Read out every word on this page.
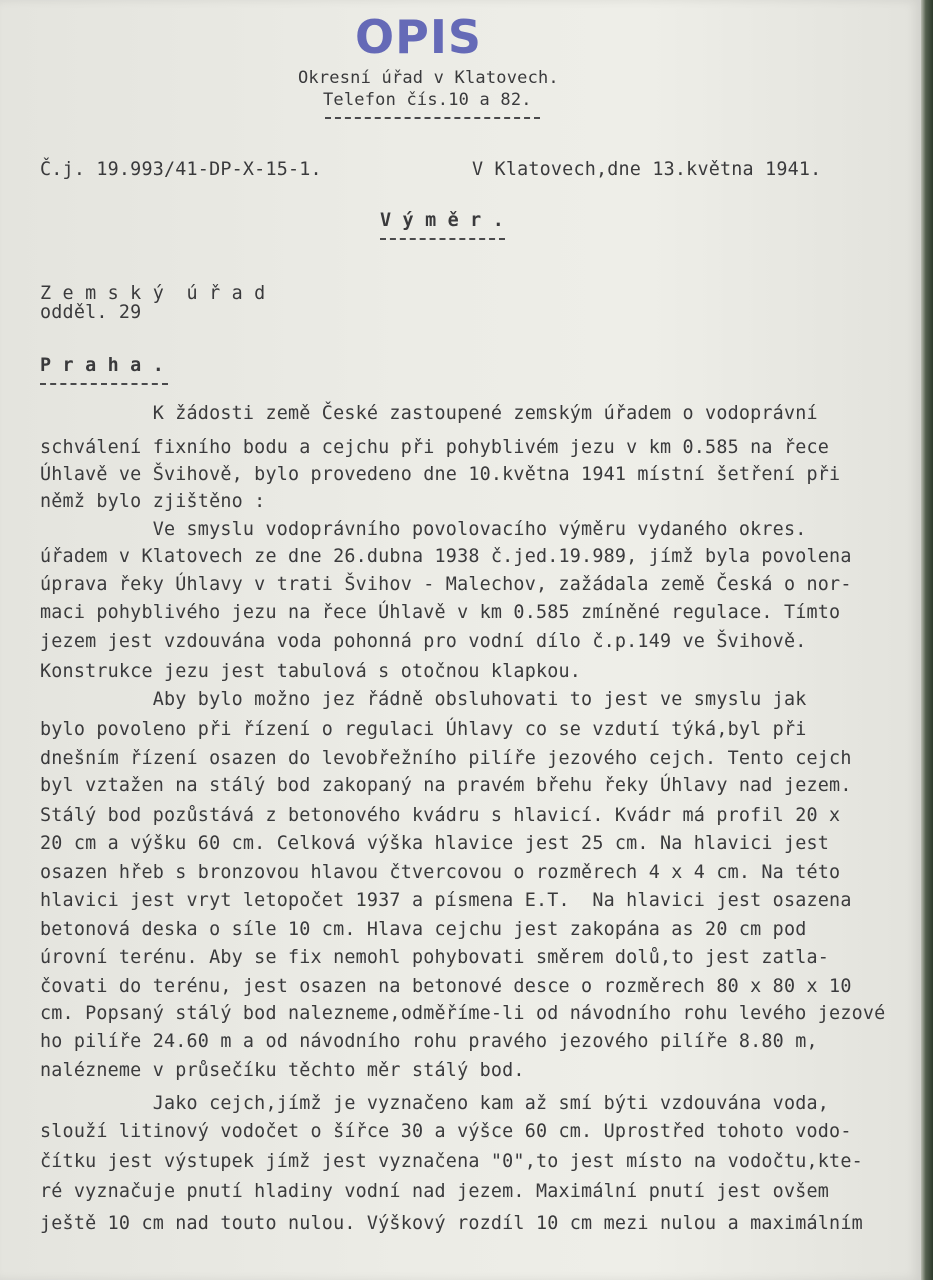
OPIS
Okresní úřad v Klatovech.
Telefon čís.10 a 82.
Č.j. 19.993/41-DP-X-15-1.	V Klatovech,dne 13.května 1941.
V ý m ě r .
Z e m s k ý  ú ř a d
odděl. 29
P r a h a .
K žádosti země České zastoupené zemským úřadem o vodoprávní
schválení fixního bodu a cejchu při pohyblivém jezu v km 0.585 na řece
Úhlavě ve Švihově, bylo provedeno dne 10.května 1941 místní šetření při
němž bylo zjištěno :
Ve smyslu vodoprávního povolovacího výměru vydaného okres.
úřadem v Klatovech ze dne 26.dubna 1938 č.jed.19.989, jímž byla povolena
úprava řeky Úhlavy v trati Švihov - Malechov, zažádala země Česká o nor-
maci pohyblivého jezu na řece Úhlavě v km 0.585 zmíněné regulace. Tímto
jezem jest vzdouvána voda pohonná pro vodní dílo č.p.149 ve Švihově.
Konstrukce jezu jest tabulová s otočnou klapkou.
Aby bylo možno jez řádně obsluhovati to jest ve smyslu jak
bylo povoleno při řízení o regulaci Úhlavy co se vzdutí týká,byl při
dnešním řízení osazen do levobřežního pilíře jezového cejch. Tento cejch
byl vztažen na stálý bod zakopaný na pravém břehu řeky Úhlavy nad jezem.
Stálý bod pozůstává z betonového kvádru s hlavicí. Kvádr má profil 20 x
20 cm a výšku 60 cm. Celková výška hlavice jest 25 cm. Na hlavici jest
osazen hřeb s bronzovou hlavou čtvercovou o rozměrech 4 x 4 cm. Na této
hlavici jest vryt letopočet 1937 a písmena E.T.  Na hlavici jest osazena
betonová deska o síle 10 cm. Hlava cejchu jest zakopána as 20 cm pod
úrovní terénu. Aby se fix nemohl pohybovati směrem dolů,to jest zatla-
čovati do terénu, jest osazen na betonové desce o rozměrech 80 x 80 x 10
cm. Popsaný stálý bod nalezneme,odměříme-li od návodního rohu levého jezové
ho pilíře 24.60 m a od návodního rohu pravého jezového pilíře 8.80 m,
nalézneme v průsečíku těchto měr stálý bod.
Jako cejch,jímž je vyznačeno kam až smí býti vzdouvána voda,
slouží litinový vodočet o šířce 30 a výšce 60 cm. Uprostřed tohoto vodo-
čítku jest výstupek jímž jest vyznačena "0",to jest místo na vodočtu,kte-
ré vyznačuje pnutí hladiny vodní nad jezem. Maximální pnutí jest ovšem
ještě 10 cm nad touto nulou. Výškový rozdíl 10 cm mezi nulou a maximálním
